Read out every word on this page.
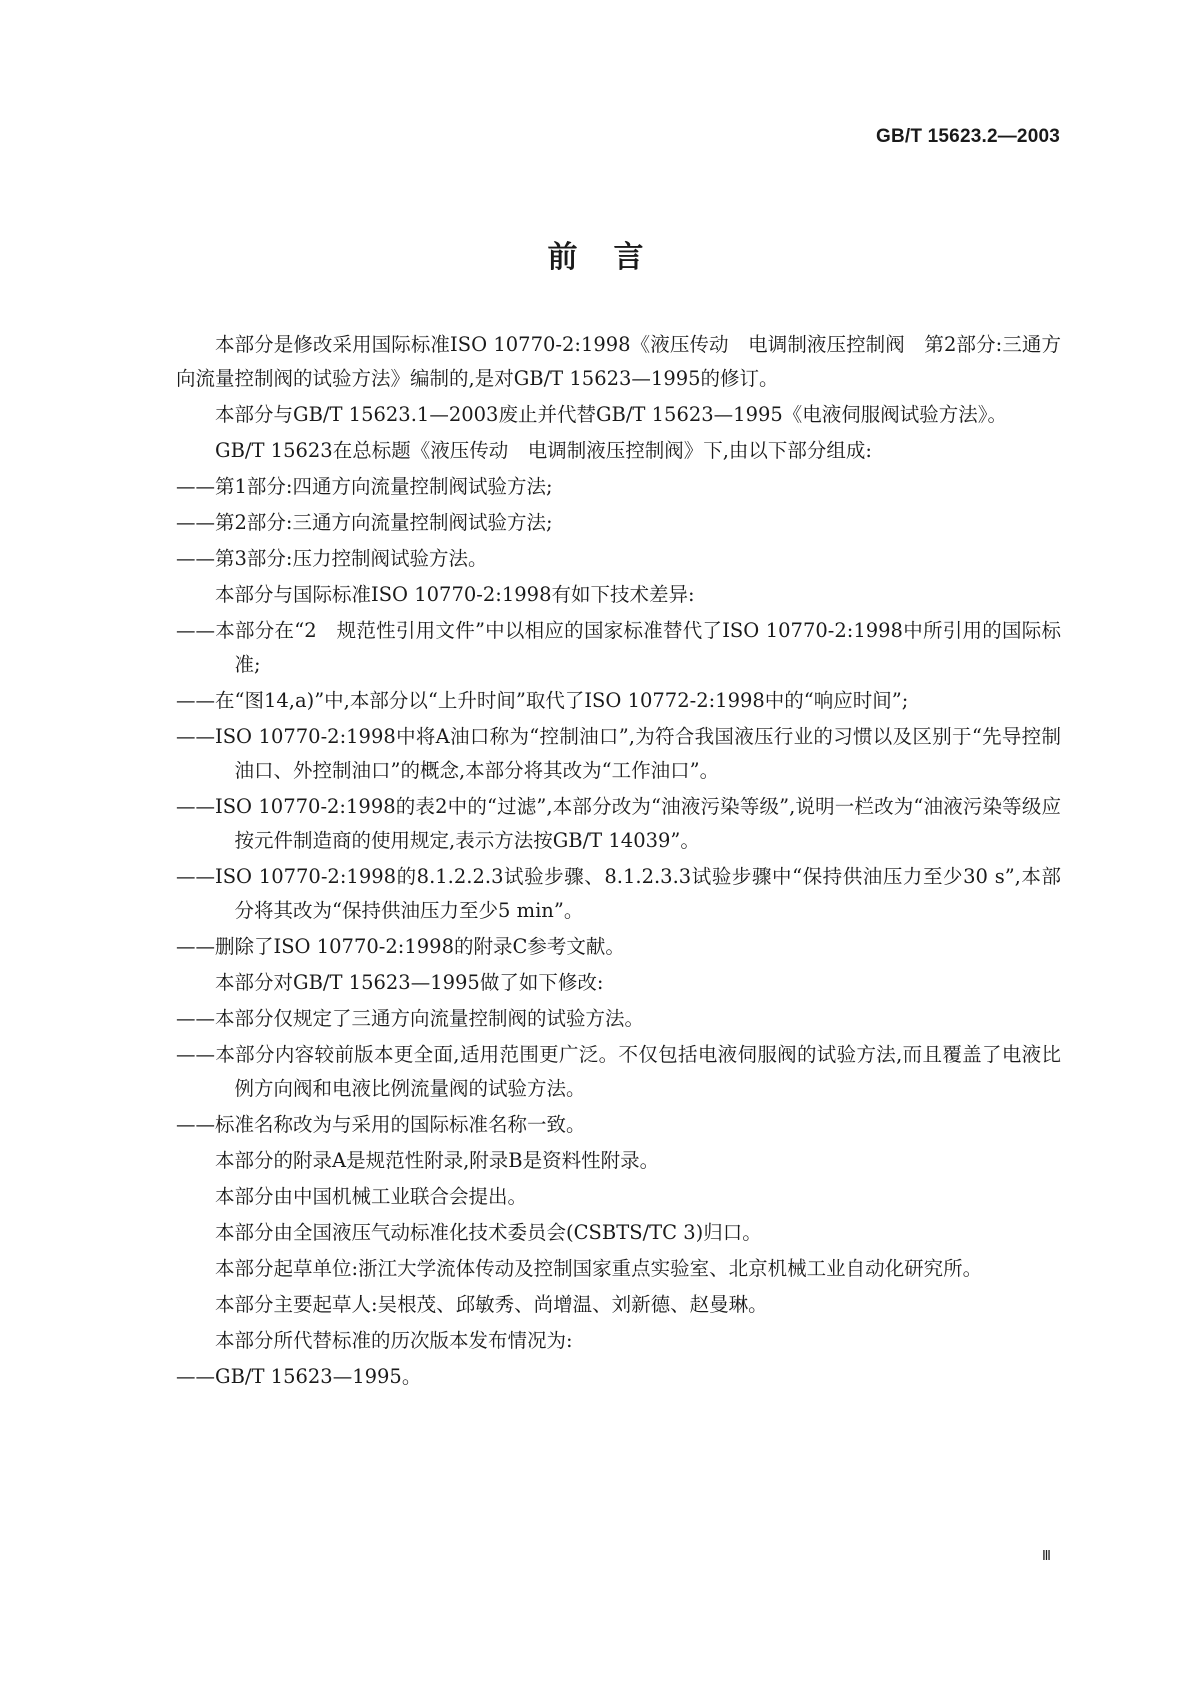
GB/T 15623.2—2003
前言

本部分是修改采用国际标准ISO 10770-2:1998《液压传动　电调制液压控制阀　第2部分:三通方向流量控制阀的试验方法》编制的,是对GB/T 15623—1995的修订。

本部分与GB/T 15623.1—2003废止并代替GB/T 15623—1995《电液伺服阀试验方法》。

GB/T 15623在总标题《液压传动　电调制液压控制阀》下,由以下部分组成:

——第1部分:四通方向流量控制阀试验方法;

——第2部分:三通方向流量控制阀试验方法;

——第3部分:压力控制阀试验方法。

本部分与国际标准ISO 10770-2:1998有如下技术差异:

——本部分在“2　规范性引用文件”中以相应的国家标准替代了ISO 10770-2:1998中所引用的国际标准;

——在“图14,a)”中,本部分以“上升时间”取代了ISO 10772-2:1998中的“响应时间”;

——ISO 10770-2:1998中将A油口称为“控制油口”,为符合我国液压行业的习惯以及区别于“先导控制油口、外控制油口”的概念,本部分将其改为“工作油口”。

——ISO 10770-2:1998的表2中的“过滤”,本部分改为“油液污染等级”,说明一栏改为“油液污染等级应按元件制造商的使用规定,表示方法按GB/T 14039”。

——ISO 10770-2:1998的8.1.2.2.3试验步骤、8.1.2.3.3试验步骤中“保持供油压力至少30 s”,本部分将其改为“保持供油压力至少5 min”。

——删除了ISO 10770-2:1998的附录C参考文献。

本部分对GB/T 15623—1995做了如下修改:

——本部分仅规定了三通方向流量控制阀的试验方法。

——本部分内容较前版本更全面,适用范围更广泛。不仅包括电液伺服阀的试验方法,而且覆盖了电液比例方向阀和电液比例流量阀的试验方法。

——标准名称改为与采用的国际标准名称一致。

本部分的附录A是规范性附录,附录B是资料性附录。

本部分由中国机械工业联合会提出。

本部分由全国液压气动标准化技术委员会(CSBTS/TC 3)归口。

本部分起草单位:浙江大学流体传动及控制国家重点实验室、北京机械工业自动化研究所。

本部分主要起草人:吴根茂、邱敏秀、尚增温、刘新德、赵曼琳。

本部分所代替标准的历次版本发布情况为:

——GB/T 15623—1995。

Ⅲ
